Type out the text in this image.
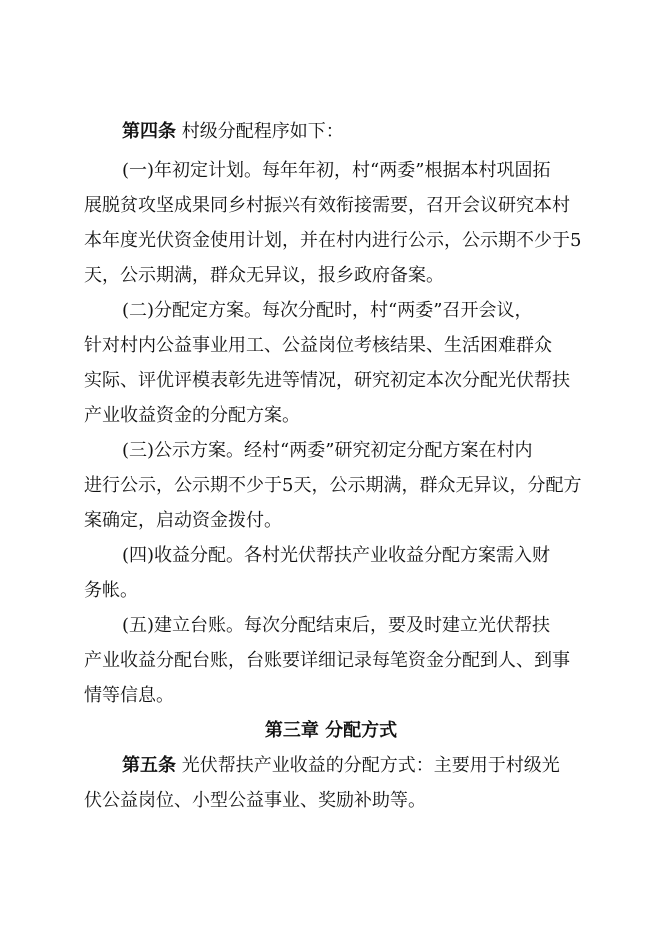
第四条 村级分配程序如下：
(一)年初定计划。每年年初，村“两委”根据本村巩固拓
展脱贫攻坚成果同乡村振兴有效衔接需要，召开会议研究本村
本年度光伏资金使用计划，并在村内进行公示，公示期不少于5
天，公示期满，群众无异议，报乡政府备案。
(二)分配定方案。每次分配时，村“两委”召开会议，
针对村内公益事业用工、公益岗位考核结果、生活困难群众
实际、评优评模表彰先进等情况，研究初定本次分配光伏帮扶
产业收益资金的分配方案。
(三)公示方案。经村“两委”研究初定分配方案在村内
进行公示，公示期不少于5天，公示期满，群众无异议，分配方
案确定，启动资金拨付。
(四)收益分配。各村光伏帮扶产业收益分配方案需入财
务帐。
(五)建立台账。每次分配结束后，要及时建立光伏帮扶
产业收益分配台账，台账要详细记录每笔资金分配到人、到事
情等信息。
第三章 分配方式
第五条 光伏帮扶产业收益的分配方式：主要用于村级光
伏公益岗位、小型公益事业、奖励补助等。
